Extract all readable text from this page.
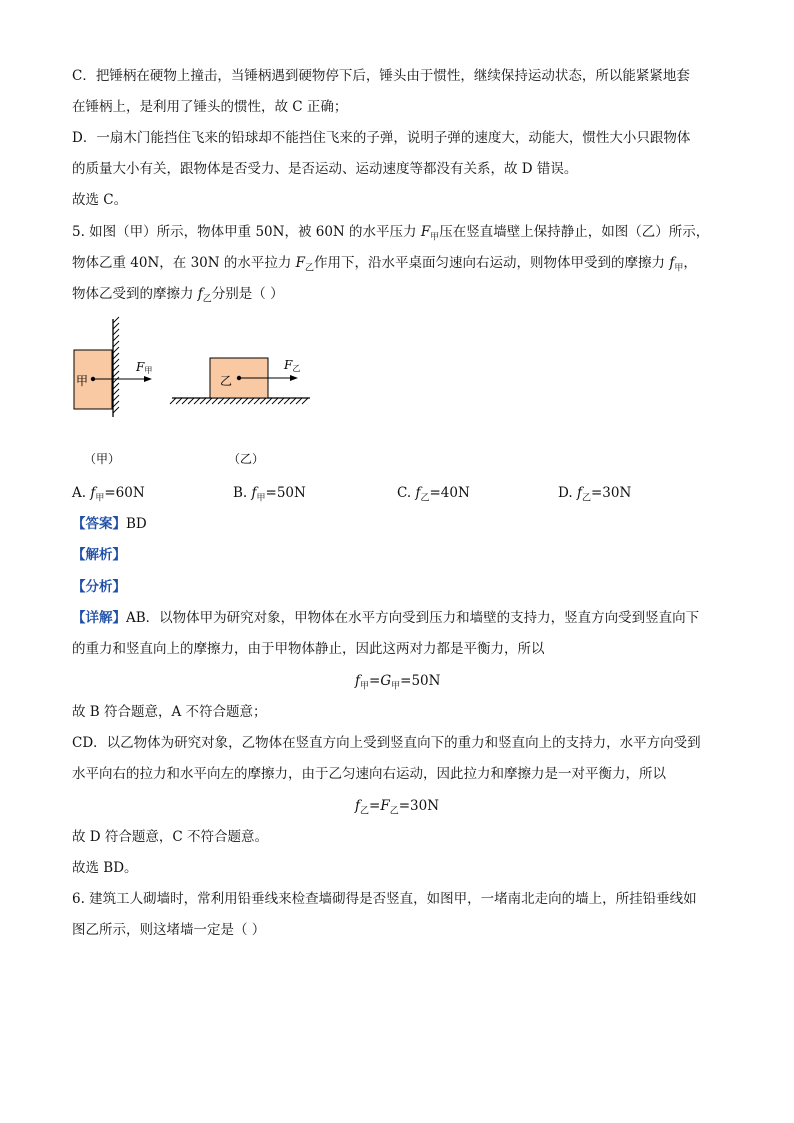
C．把锤柄在硬物上撞击，当锤柄遇到硬物停下后，锤头由于惯性，继续保持运动状态，所以能紧紧地套
在锤柄上，是利用了锤头的惯性，故 C 正确；
D．一扇木门能挡住飞来的铅球却不能挡住飞来的子弹，说明子弹的速度大，动能大，惯性大小只跟物体
的质量大小有关，跟物体是否受力、是否运动、运动速度等都没有关系，故 D 错误。
故选 C。
5. 如图（甲）所示，物体甲重 50N，被 60N 的水平压力 $F_甲$压在竖直墙壁上保持静止，如图（乙）所示，
物体乙重 40N，在 30N 的水平拉力 $F_乙$作用下，沿水平桌面匀速向右运动，则物体甲受到的摩擦力 $f_甲$，
物体乙受到的摩擦力 $f_乙$分别是（ ）
甲
F甲
（甲）
乙
F乙
（乙）
A. $f_甲=60N$	B. $f_甲=50N$	C. $f_乙=40N$	D. $f_乙=30N$
【答案】BD
【解析】
【分析】
【详解】AB．以物体甲为研究对象，甲物体在水平方向受到压力和墙壁的支持力，竖直方向受到竖直向下
的重力和竖直向上的摩擦力，由于甲物体静止，因此这两对力都是平衡力，所以
$f_甲=G_甲=50N$
故 B 符合题意，A 不符合题意；
CD．以乙物体为研究对象，乙物体在竖直方向上受到竖直向下的重力和竖直向上的支持力，水平方向受到
水平向右的拉力和水平向左的摩擦力，由于乙匀速向右运动，因此拉力和摩擦力是一对平衡力，所以
$f_乙=F_乙=30N$
故 D 符合题意，C 不符合题意。
故选 BD。
6. 建筑工人砌墙时，常利用铅垂线来检查墙砌得是否竖直，如图甲，一堵南北走向的墙上，所挂铅垂线如
图乙所示，则这堵墙一定是（ ）
